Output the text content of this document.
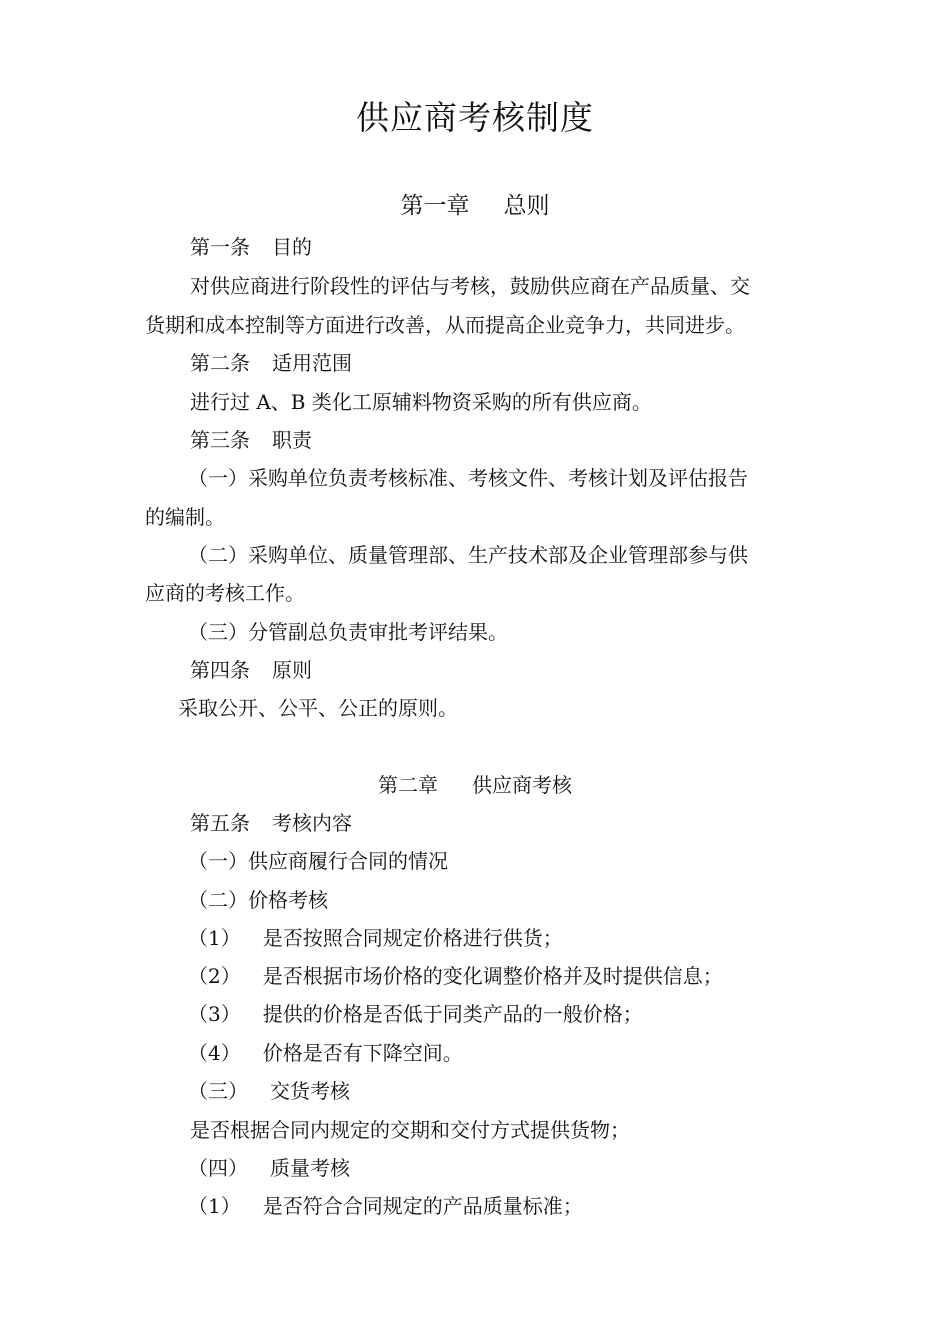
供应商考核制度
第一章 总则
第一条 目的
对供应商进行阶段性的评估与考核，鼓励供应商在产品质量、交
货期和成本控制等方面进行改善，从而提高企业竞争力，共同进步。
第二条 适用范围
进行过 A、B 类化工原辅料物资采购的所有供应商。
第三条 职责
（一）采购单位负责考核标准、考核文件、考核计划及评估报告
的编制。
（二）采购单位、质量管理部、生产技术部及企业管理部参与供
应商的考核工作。
（三）分管副总负责审批考评结果。
第四条 原则
采取公开、公平、公正的原则。
第二章 供应商考核
第五条 考核内容
（一）供应商履行合同的情况
（二）价格考核
（1） 是否按照合同规定价格进行供货；
（2） 是否根据市场价格的变化调整价格并及时提供信息；
（3） 提供的价格是否低于同类产品的一般价格；
（4） 价格是否有下降空间。
（三） 交货考核
是否根据合同内规定的交期和交付方式提供货物；
（四） 质量考核
（1） 是否符合合同规定的产品质量标准；
